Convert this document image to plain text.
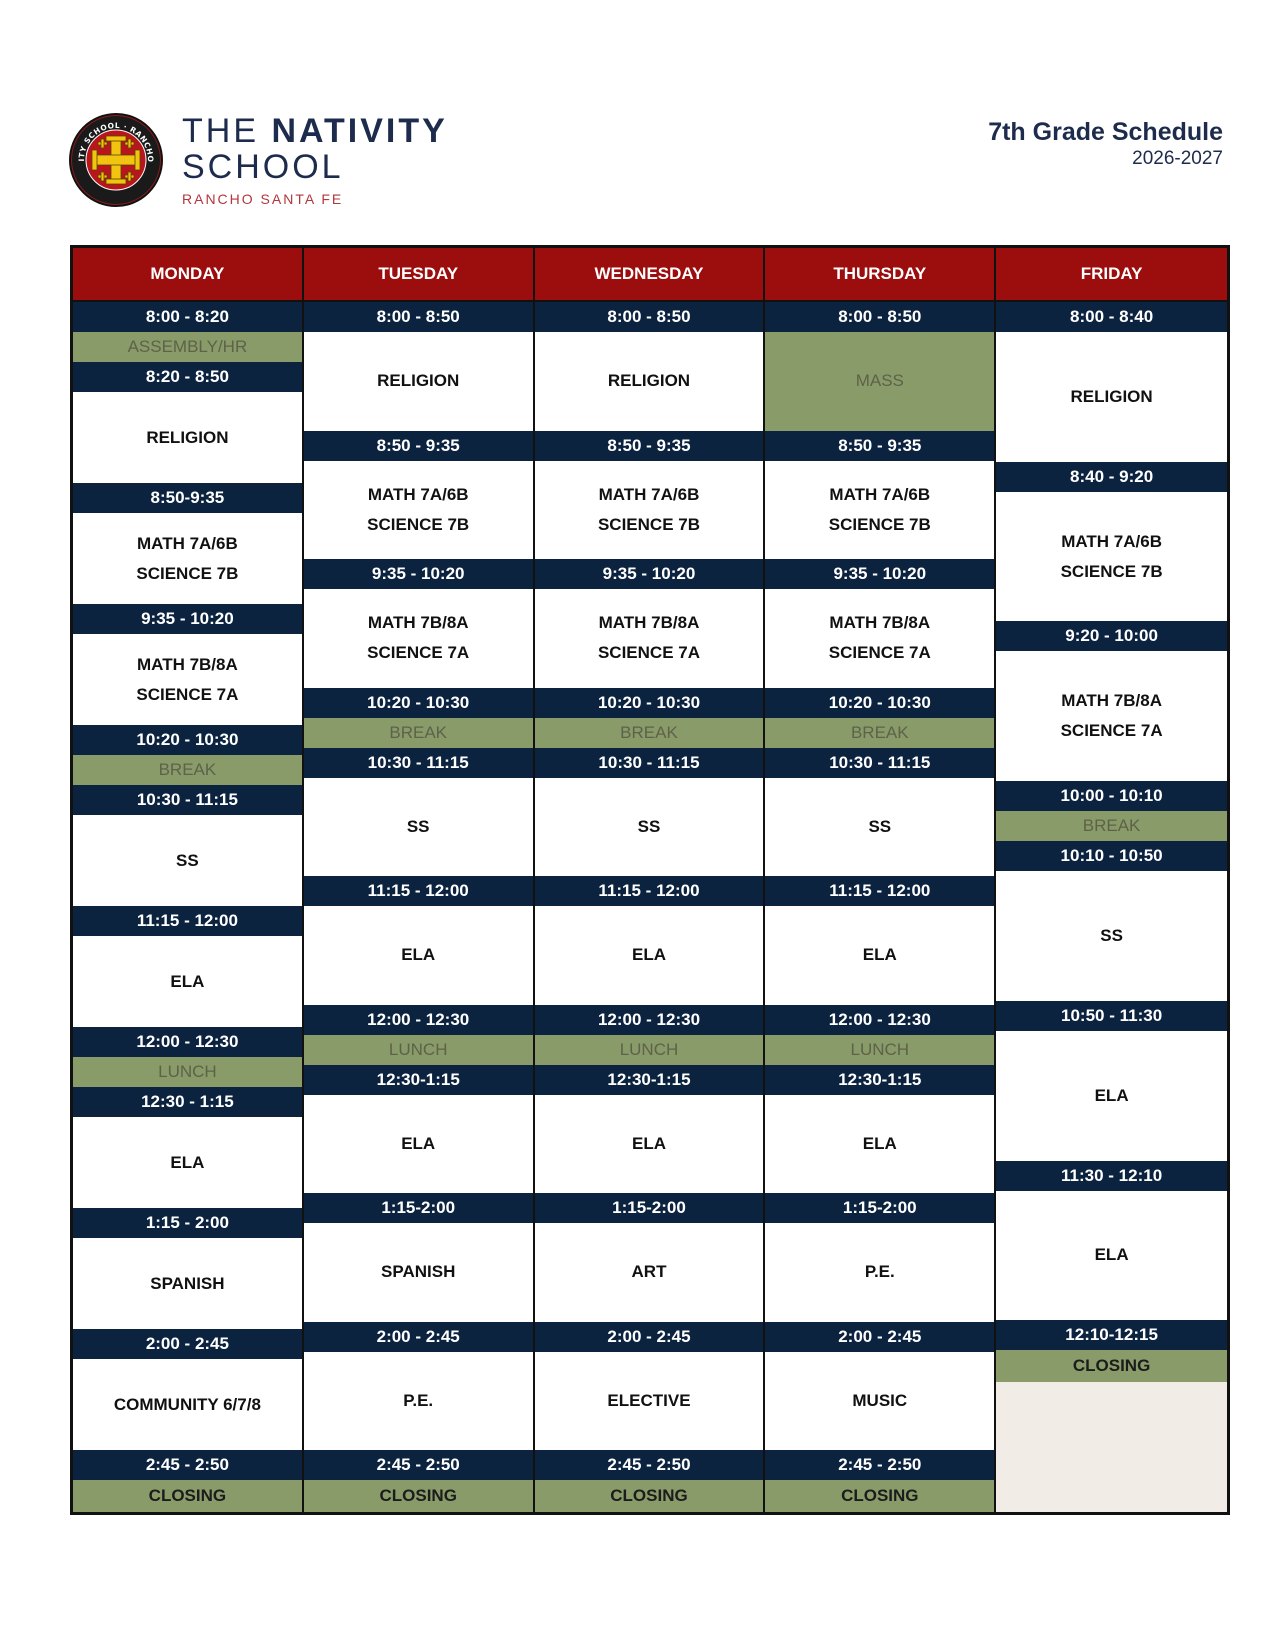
ITY SCHOOL · RANCHO
THE NATIVITY
SCHOOL
RANCHO SANTA FE
7th Grade Schedule
2026-2027
MONDAY
8:00 - 8:20
ASSEMBLY/HR
8:20 - 8:50
RELIGION
8:50-9:35
MATH 7A/6B
SCIENCE 7B
9:35 - 10:20
MATH 7B/8A
SCIENCE 7A
10:20 - 10:30
BREAK
10:30 - 11:15
SS
11:15 - 12:00
ELA
12:00 - 12:30
LUNCH
12:30 - 1:15
ELA
1:15 - 2:00
SPANISH
2:00 - 2:45
COMMUNITY 6/7/8
2:45 - 2:50
CLOSING
TUESDAY
8:00 - 8:50
RELIGION
8:50 - 9:35
MATH 7A/6B
SCIENCE 7B
9:35 - 10:20
MATH 7B/8A
SCIENCE 7A
10:20 - 10:30
BREAK
10:30 - 11:15
SS
11:15 - 12:00
ELA
12:00 - 12:30
LUNCH
12:30-1:15
ELA
1:15-2:00
SPANISH
2:00 - 2:45
P.E.
2:45 - 2:50
CLOSING
WEDNESDAY
8:00 - 8:50
RELIGION
8:50 - 9:35
MATH 7A/6B
SCIENCE 7B
9:35 - 10:20
MATH 7B/8A
SCIENCE 7A
10:20 - 10:30
BREAK
10:30 - 11:15
SS
11:15 - 12:00
ELA
12:00 - 12:30
LUNCH
12:30-1:15
ELA
1:15-2:00
ART
2:00 - 2:45
ELECTIVE
2:45 - 2:50
CLOSING
THURSDAY
8:00 - 8:50
MASS
8:50 - 9:35
MATH 7A/6B
SCIENCE 7B
9:35 - 10:20
MATH 7B/8A
SCIENCE 7A
10:20 - 10:30
BREAK
10:30 - 11:15
SS
11:15 - 12:00
ELA
12:00 - 12:30
LUNCH
12:30-1:15
ELA
1:15-2:00
P.E.
2:00 - 2:45
MUSIC
2:45 - 2:50
CLOSING
FRIDAY
8:00 - 8:40
RELIGION
8:40 - 9:20
MATH 7A/6B
SCIENCE 7B
9:20 - 10:00
MATH 7B/8A
SCIENCE 7A
10:00 - 10:10
BREAK
10:10 - 10:50
SS
10:50 - 11:30
ELA
11:30 - 12:10
ELA
12:10-12:15
CLOSING
